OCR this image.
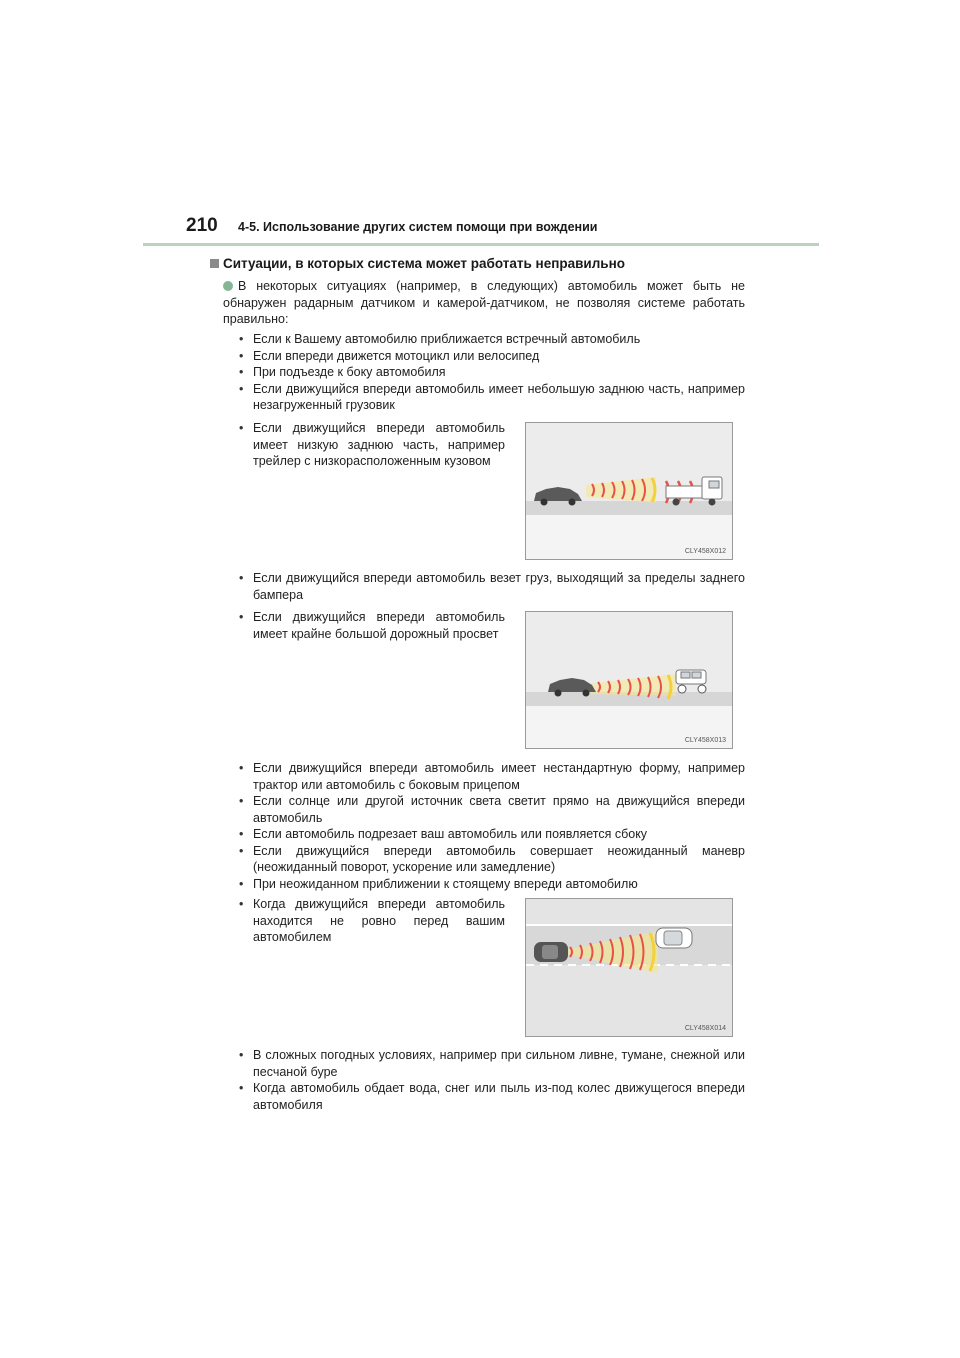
210 4-5. Использование других систем помощи при вождении
Ситуации, в которых система может работать неправильно
В некоторых ситуациях (например, в следующих) автомобиль может быть не обнаружен радарным датчиком и камерой-датчиком, не позволяя системе работать правильно:
• Если к Вашему автомобилю приближается встречный автомобиль
• Если впереди движется мотоцикл или велосипед
• При подъезде к боку автомобиля
• Если движущийся впереди автомобиль имеет небольшую заднюю часть, например незагруженный грузовик
• Если движущийся впереди автомобиль имеет низкую заднюю часть, например трейлер с низкорасположенным кузовом
CLY458X012
• Если движущийся впереди автомобиль везет груз, выходящий за пределы заднего бампера
• Если движущийся впереди автомобиль имеет крайне большой дорожный просвет
CLY458X013
• Если движущийся впереди автомобиль имеет нестандартную форму, например трактор или автомобиль с боковым прицепом
• Если солнце или другой источник света светит прямо на движущийся впереди автомобиль
• Если автомобиль подрезает ваш автомобиль или появляется сбоку
• Если движущийся впереди автомобиль совершает неожиданный маневр (неожиданный поворот, ускорение или замедление)
• При неожиданном приближении к стоящему впереди автомобилю
• Когда движущийся впереди автомобиль находится не ровно перед вашим автомобилем
CLY458X014
• В сложных погодных условиях, например при сильном ливне, тумане, снежной или песчаной буре
• Когда автомобиль обдает вода, снег или пыль из-под колес движущегося впереди автомобиля
